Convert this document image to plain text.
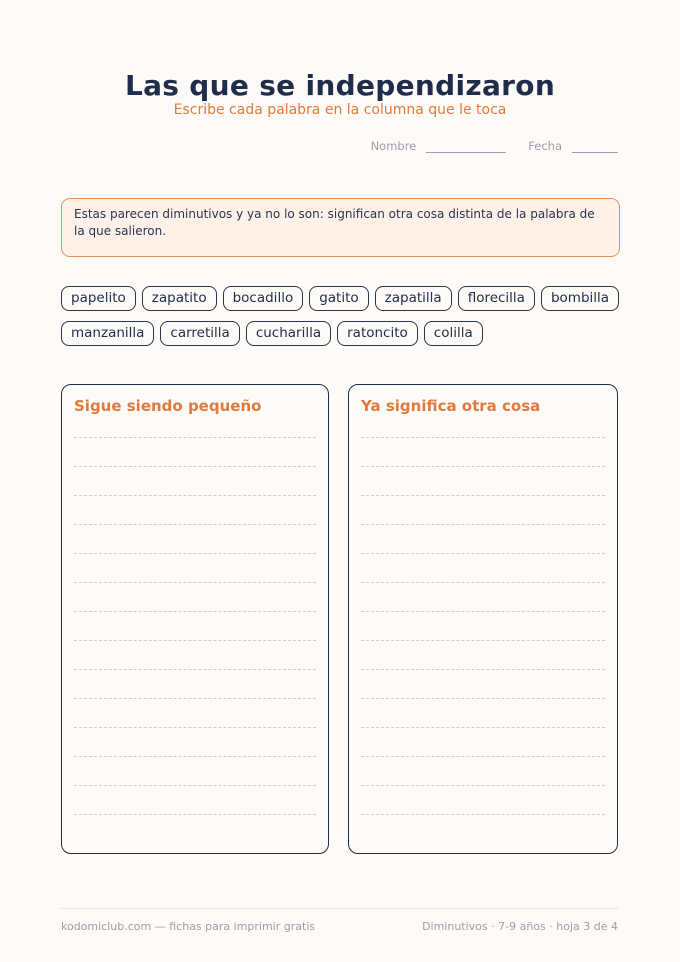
Las que se independizaron
Escribe cada palabra en la columna que le toca
Nombre	Fecha
Estas parecen diminutivos y ya no lo son: significan otra cosa distinta de la palabra de la que salieron.
papelito	zapatito	bocadillo	gatito	zapatilla	florecilla	bombilla
manzanilla	carretilla	cucharilla	ratoncito	colilla
Sigue siendo pequeño	Ya significa otra cosa
kodomiclub.com — fichas para imprimir gratis	Diminutivos · 7-9 años · hoja 3 de 4
